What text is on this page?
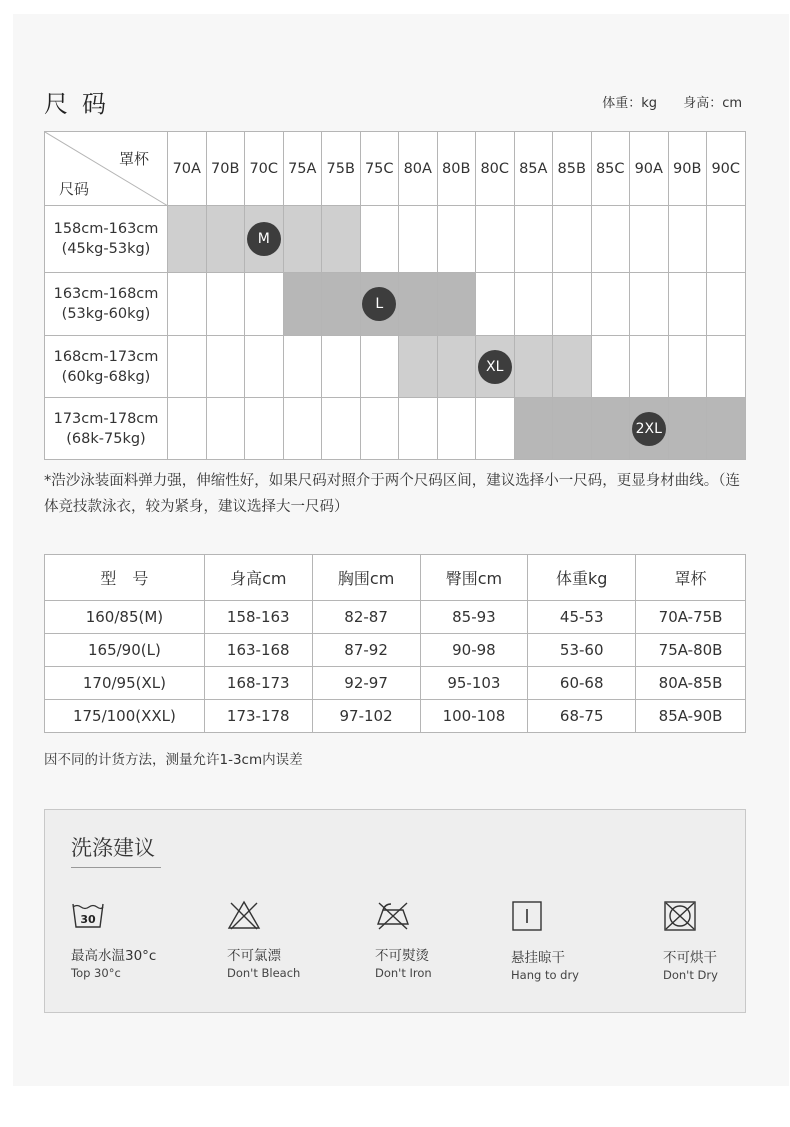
尺码	体重：kg 身高：cm
罩杯
尺码	70A	70B	70C	75A	75B	75C	80A	80B	80C	85A	85B	85C	90A	90B	90C

158cm-163cm
(45kg-53kg)			M												

163cm-168cm
(53kg-60kg)						L									

168cm-173cm
(60kg-68kg)									XL						

173cm-178cm
(68k-75kg)													2XL		

*浩沙泳装面料弹力强，伸缩性好，如果尺码对照介于两个尺码区间，建议选择小一尺码，更显身材曲线。（连体竞技款泳衣，较为紧身，建议选择大一尺码）
型　号	身高cm	胸围cm	臀围cm	体重kg	罩杯
160/85(M)	158-163	82-87	85-93	45-53	70A-75B
165/90(L)	163-168	87-92	90-98	53-60	75A-80B
170/95(XL)	168-173	92-97	95-103	60-68	80A-85B
175/100(XXL)	173-178	97-102	100-108	68-75	85A-90B
因不同的计货方法，测量允许1-3cm内误差
洗涤建议
30
最高水温30°c
Top 30°c
不可氯漂
Don't Bleach
不可熨烫
Don't Iron
悬挂晾干
Hang to dry
不可烘干
Don't Dry
